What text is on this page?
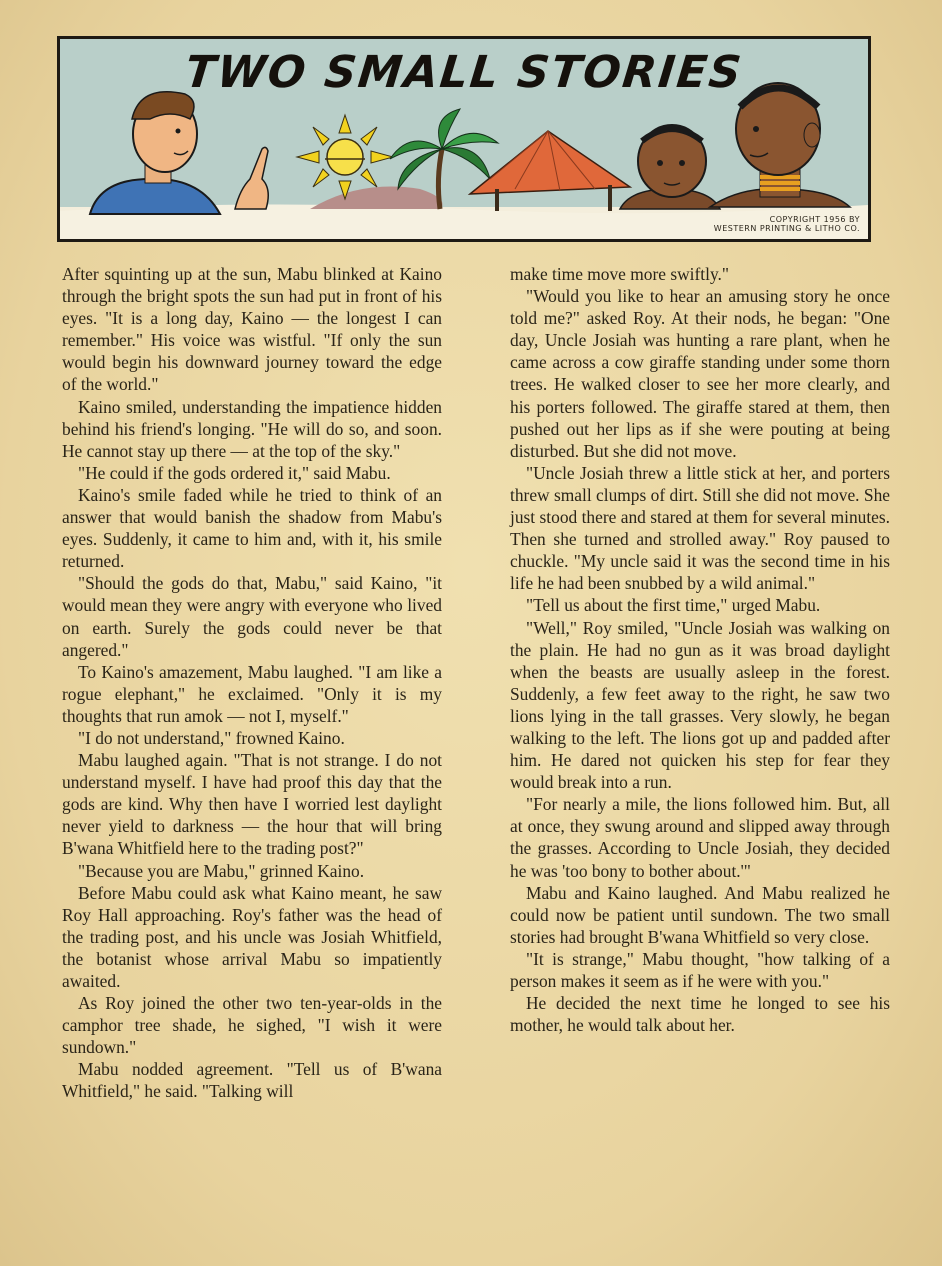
TWO SMALL STORIES
COPYRIGHT 1956 BY
WESTERN PRINTING & LITHO CO.

After squinting up at the sun, Mabu blinked at Kaino through the bright spots the sun had put in front of his eyes. "It is a long day, Kaino — the longest I can remember." His voice was wistful. "If only the sun would begin his downward journey toward the edge of the world."

Kaino smiled, understanding the impatience hidden behind his friend's longing. "He will do so, and soon. He cannot stay up there — at the top of the sky."

"He could if the gods ordered it," said Mabu.

Kaino's smile faded while he tried to think of an answer that would banish the shadow from Mabu's eyes. Suddenly, it came to him and, with it, his smile returned.

"Should the gods do that, Mabu," said Kaino, "it would mean they were angry with everyone who lived on earth. Surely the gods could never be that angered."

To Kaino's amazement, Mabu laughed. "I am like a rogue elephant," he exclaimed. "Only it is my thoughts that run amok — not I, myself."

"I do not understand," frowned Kaino.

Mabu laughed again. "That is not strange. I do not understand myself. I have had proof this day that the gods are kind. Why then have I worried lest daylight never yield to darkness — the hour that will bring B'wana Whitfield here to the trading post?"

"Because you are Mabu," grinned Kaino.

Before Mabu could ask what Kaino meant, he saw Roy Hall approaching. Roy's father was the head of the trading post, and his uncle was Josiah Whitfield, the botanist whose arrival Mabu so impatiently awaited.

As Roy joined the other two ten-year-olds in the camphor tree shade, he sighed, "I wish it were sundown."

Mabu nodded agreement. "Tell us of B'wana Whitfield," he said. "Talking will

make time move more swiftly."

"Would you like to hear an amusing story he once told me?" asked Roy. At their nods, he began: "One day, Uncle Josiah was hunting a rare plant, when he came across a cow giraffe standing under some thorn trees. He walked closer to see her more clearly, and his porters followed. The giraffe stared at them, then pushed out her lips as if she were pouting at being disturbed. But she did not move.

"Uncle Josiah threw a little stick at her, and porters threw small clumps of dirt. Still she did not move. She just stood there and stared at them for several minutes. Then she turned and strolled away." Roy paused to chuckle. "My uncle said it was the second time in his life he had been snubbed by a wild animal."

"Tell us about the first time," urged Mabu.

"Well," Roy smiled, "Uncle Josiah was walking on the plain. He had no gun as it was broad daylight when the beasts are usually asleep in the forest. Suddenly, a few feet away to the right, he saw two lions lying in the tall grasses. Very slowly, he began walking to the left. The lions got up and padded after him. He dared not quicken his step for fear they would break into a run.

"For nearly a mile, the lions followed him. But, all at once, they swung around and slipped away through the grasses. According to Uncle Josiah, they decided he was 'too bony to bother about.'"

Mabu and Kaino laughed. And Mabu realized he could now be patient until sundown. The two small stories had brought B'wana Whitfield so very close.

"It is strange," Mabu thought, "how talking of a person makes it seem as if he were with you."

He decided the next time he longed to see his mother, he would talk about her.
